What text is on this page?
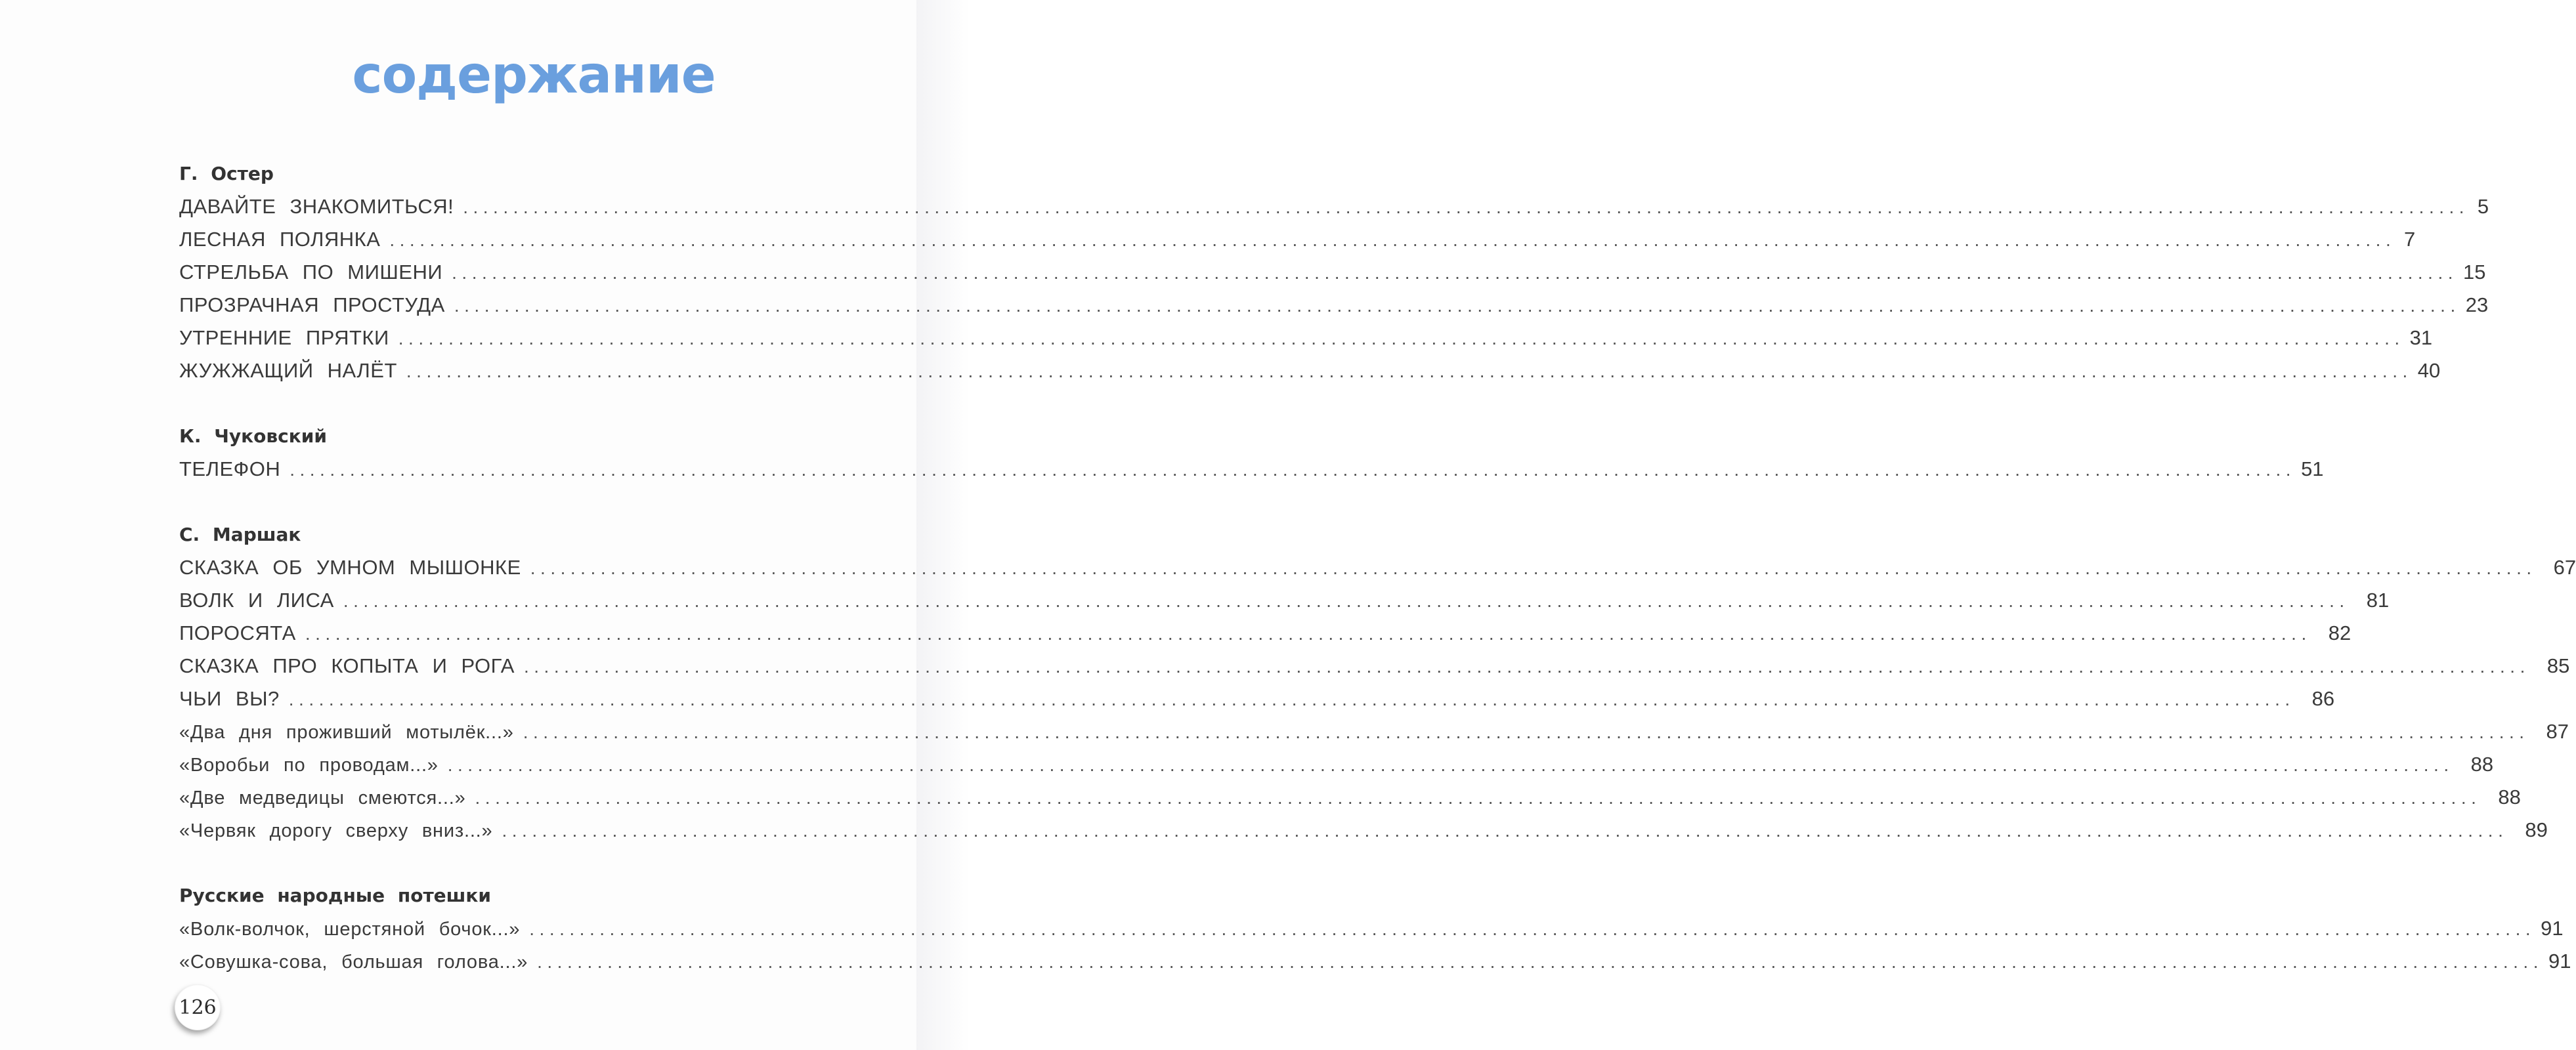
содержание
Г. Остер
ДАВАЙТЕ ЗНАКОМИТЬСЯ! ........................................................................................................................................................................................................ 5
ЛЕСНАЯ ПОЛЯНКА ........................................................................................................................................................................................................ 7
СТРЕЛЬБА ПО МИШЕНИ ........................................................................................................................................................................................................ 15
ПРОЗРАЧНАЯ ПРОСТУДА ........................................................................................................................................................................................................ 23
УТРЕННИЕ ПРЯТКИ ........................................................................................................................................................................................................ 31
ЖУЖЖАЩИЙ НАЛЁТ ........................................................................................................................................................................................................ 40
К. Чуковский
ТЕЛЕФОН ........................................................................................................................................................................................................ 51
С. Маршак
СКАЗКА ОБ УМНОМ МЫШОНКЕ ........................................................................................................................................................................................................ 67
ВОЛК И ЛИСА ........................................................................................................................................................................................................ 81
ПОРОСЯТА ........................................................................................................................................................................................................ 82
СКАЗКА ПРО КОПЫТА И РОГА ........................................................................................................................................................................................................ 85
ЧЬИ ВЫ? ........................................................................................................................................................................................................ 86
«Два дня проживший мотылёк...» ........................................................................................................................................................................................................ 87
«Воробьи по проводам...» ........................................................................................................................................................................................................ 88
«Две медведицы смеются...» ........................................................................................................................................................................................................ 88
«Червяк дорогу сверху вниз...» ........................................................................................................................................................................................................ 89
Русские народные потешки
«Волк-волчок, шерстяной бочок...» ........................................................................................................................................................................................................ 91
«Совушка-сова, большая голова...» ........................................................................................................................................................................................................ 91
126
